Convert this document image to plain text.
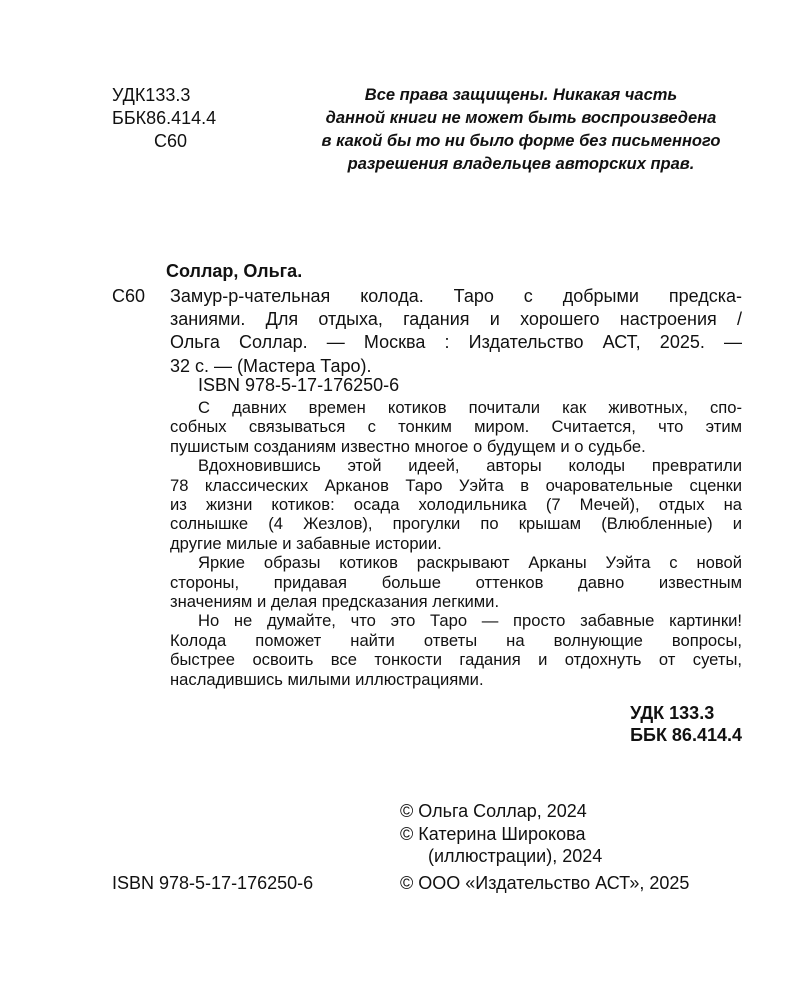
УДК133.3
ББК86.414.4
С60
Все права защищены. Никакая часть
данной книги не может быть воспроизведена
в какой бы то ни было форме без письменного
разрешения владельцев авторских прав.
Соллар, Ольга.
С60 Замур-р-чательная колода. Таро с добрыми предска-
заниями. Для отдыха, гадания и хорошего настроения /
Ольга Соллар. — Москва : Издательство АСТ, 2025. —
32 с. — (Мастера Таро).
ISBN 978-5-17-176250-6
С давних времен котиков почитали как животных, спо-
собных связываться с тонким миром. Считается, что этим
пушистым созданиям известно многое о будущем и о судьбе.
Вдохновившись этой идеей, авторы колоды превратили
78 классических Арканов Таро Уэйта в очаровательные сценки
из жизни котиков: осада холодильника (7 Мечей), отдых на
солнышке (4 Жезлов), прогулки по крышам (Влюбленные) и
другие милые и забавные истории.
Яркие образы котиков раскрывают Арканы Уэйта с новой
стороны, придавая больше оттенков давно известным
значениям и делая предсказания легкими.
Но не думайте, что это Таро — просто забавные картинки!
Колода поможет найти ответы на волнующие вопросы,
быстрее освоить все тонкости гадания и отдохнуть от суеты,
насладившись милыми иллюстрациями.
УДК 133.3
ББК 86.414.4
© Ольга Соллар, 2024
© Катерина Широкова
(иллюстрации), 2024
ISBN 978-5-17-176250-6	© ООО «Издательство АСТ», 2025
